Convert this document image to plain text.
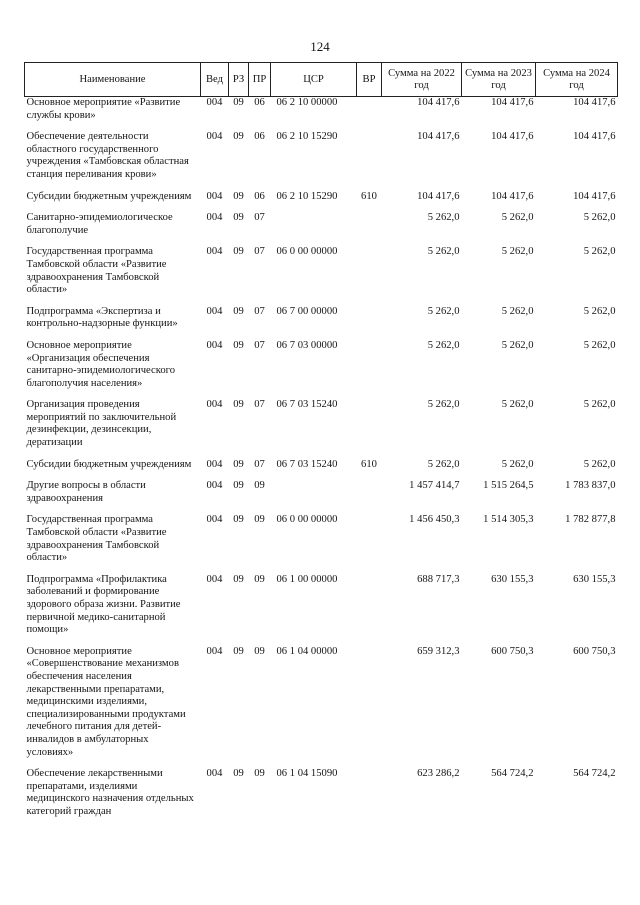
124
Наименование	Вед	РЗ	ПР	ЦСР	ВР	Сумма на 2022 год	Сумма на 2023 год	Сумма на 2024 год
Основное мероприятие «Развитие службы крови»	004	09	06	06 2 10 00000		104 417,6	104 417,6	104 417,6
Обеспечение деятельности областного государственного учреждения «Тамбовская областная станция переливания крови»	004	09	06	06 2 10 15290		104 417,6	104 417,6	104 417,6
Субсидии бюджетным учреждениям	004	09	06	06 2 10 15290	610	104 417,6	104 417,6	104 417,6
Санитарно-эпидемиологическое благополучие	004	09	07			5 262,0	5 262,0	5 262,0
Государственная программа Тамбовской области «Развитие здравоохранения Тамбовской области»	004	09	07	06 0 00 00000		5 262,0	5 262,0	5 262,0
Подпрограмма «Экспертиза и контрольно-надзорные функции»	004	09	07	06 7 00 00000		5 262,0	5 262,0	5 262,0
Основное мероприятие «Организация обеспечения санитарно-эпидемиологического благополучия населения»	004	09	07	06 7 03 00000		5 262,0	5 262,0	5 262,0
Организация проведения мероприятий по заключительной дезинфекции, дезинсекции, дератизации	004	09	07	06 7 03 15240		5 262,0	5 262,0	5 262,0
Субсидии бюджетным учреждениям	004	09	07	06 7 03 15240	610	5 262,0	5 262,0	5 262,0
Другие вопросы в области здравоохранения	004	09	09			1 457 414,7	1 515 264,5	1 783 837,0
Государственная программа Тамбовской области «Развитие здравоохранения Тамбовской области»	004	09	09	06 0 00 00000		1 456 450,3	1 514 305,3	1 782 877,8
Подпрограмма «Профилактика заболеваний и формирование здорового образа жизни. Развитие первичной медико-санитарной помощи»	004	09	09	06 1 00 00000		688 717,3	630 155,3	630 155,3
Основное мероприятие «Совершенствование механизмов обеспечения населения лекарственными препаратами, медицинскими изделиями, специализированными продуктами лечебного питания для детей-инвалидов в амбулаторных условиях»	004	09	09	06 1 04 00000		659 312,3	600 750,3	600 750,3
Обеспечение лекарственными препаратами, изделиями медицинского назначения отдельных категорий граждан	004	09	09	06 1 04 15090		623 286,2	564 724,2	564 724,2
